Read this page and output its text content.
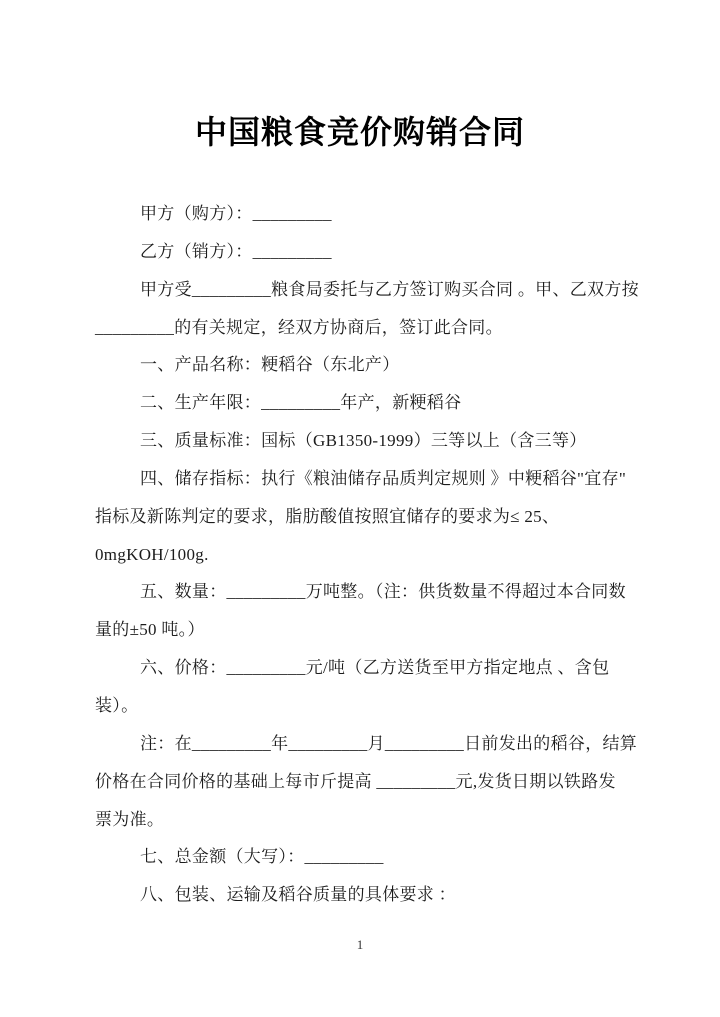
中国粮食竞价购销合同
甲方（购方）：_________
乙方（销方）：_________
甲方受_________粮食局委托与乙方签订购买合同 。甲、乙双方按
_________的有关规定，经双方协商后，签订此合同。
一、产品名称：粳稻谷（东北产）
二、生产年限：_________年产，新粳稻谷
三、质量标准：国标（GB1350-1999）三等以上（含三等）
四、储存指标：执行《粮油储存品质判定规则 》中粳稻谷"宜存"
指标及新陈判定的要求，脂肪酸值按照宜储存的要求为≤ 25、
0mgKOH/100g.
五、数量：_________万吨整。（注：供货数量不得超过本合同数
量的±50 吨。）
六、价格：_________元/吨（乙方送货至甲方指定地点 、含包
装）。
注：在_________年_________月_________日前发出的稻谷，结算
价格在合同价格的基础上每市斤提高 _________元,发货日期以铁路发
票为准。
七、总金额（大写）：_________
八、包装、运输及稻谷质量的具体要求 ：
1
